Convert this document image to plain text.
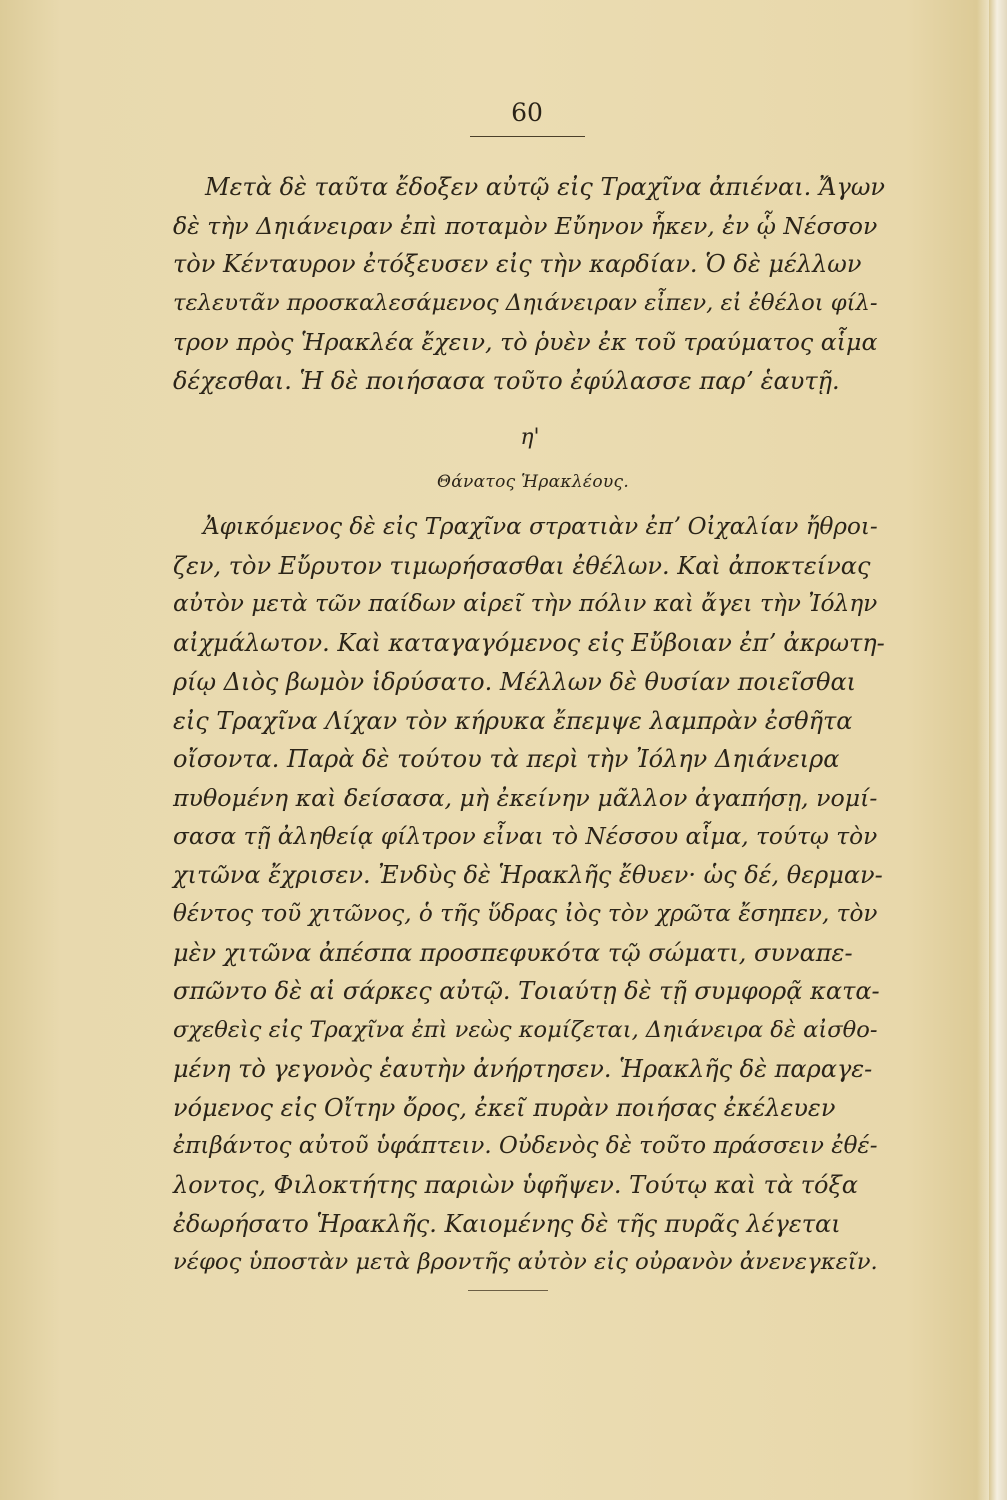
60

Μετὰ δὲ ταῦτα ἔδοξεν αὐτῷ εἰς Τραχῖνα ἀπιέναι. Ἄγων
δὲ τὴν Δηιάνειραν ἐπὶ ποταμὸν Εὔηνον ἧκεν, ἐν ᾧ Νέσσον
τὸν Κένταυρον ἐτόξευσεν εἰς τὴν καρδίαν. Ὁ δὲ μέλλων
τελευτᾶν προσκαλεσάμενος Δηιάνειραν εἶπεν, εἰ ἐθέλοι φίλ-
τρον πρὸς Ἡρακλέα ἔχειν, τὸ ῥυὲν ἐκ τοῦ τραύματος αἷμα
δέχεσθαι. Ἡ δὲ ποιήσασα τοῦτο ἐφύλασσε παρʼ ἑαυτῇ.

η'
Θάνατος Ἡρακλέους.

Ἀφικόμενος δὲ εἰς Τραχῖνα στρατιὰν ἐπʼ Οἰχαλίαν ἤθροι-
ζεν, τὸν Εὔρυτον τιμωρήσασθαι ἐθέλων. Καὶ ἀποκτείνας
αὐτὸν μετὰ τῶν παίδων αἱρεῖ τὴν πόλιν καὶ ἄγει τὴν Ἰόλην
αἰχμάλωτον. Καὶ καταγαγόμενος εἰς Εὔβοιαν ἐπʼ ἀκρωτη-
ρίῳ Διὸς βωμὸν ἱδρύσατο. Μέλλων δὲ θυσίαν ποιεῖσθαι
εἰς Τραχῖνα Λίχαν τὸν κήρυκα ἔπεμψε λαμπρὰν ἐσθῆτα
οἴσοντα. Παρὰ δὲ τούτου τὰ περὶ τὴν Ἰόλην Δηιάνειρα
πυθομένη καὶ δείσασα, μὴ ἐκείνην μᾶλλον ἀγαπήσῃ, νομί-
σασα τῇ ἀληθείᾳ φίλτρον εἶναι τὸ Νέσσου αἷμα, τούτῳ τὸν
χιτῶνα ἔχρισεν. Ἐνδὺς δὲ Ἡρακλῆς ἔθυεν· ὡς δέ, θερμαν-
θέντος τοῦ χιτῶνος, ὁ τῆς ὕδρας ἰὸς τὸν χρῶτα ἔσηπεν, τὸν
μὲν χιτῶνα ἀπέσπα προσπεφυκότα τῷ σώματι, συναπε-
σπῶντο δὲ αἱ σάρκες αὐτῷ. Τοιαύτῃ δὲ τῇ συμφορᾷ κατα-
σχεθεὶς εἰς Τραχῖνα ἐπὶ νεὼς κομίζεται, Δηιάνειρα δὲ αἰσθο-
μένη τὸ γεγονὸς ἑαυτὴν ἀνήρτησεν. Ἡρακλῆς δὲ παραγε-
νόμενος εἰς Οἴτην ὄρος, ἐκεῖ πυρὰν ποιήσας ἐκέλευεν
ἐπιβάντος αὐτοῦ ὑφάπτειν. Οὐδενὸς δὲ τοῦτο πράσσειν ἐθέ-
λοντος, Φιλοκτήτης παριὼν ὑφῆψεν. Τούτῳ καὶ τὰ τόξα
ἐδωρήσατο Ἡρακλῆς. Καιομένης δὲ τῆς πυρᾶς λέγεται
νέφος ὑποστὰν μετὰ βροντῆς αὐτὸν εἰς οὐρανὸν ἀνενεγκεῖν.
